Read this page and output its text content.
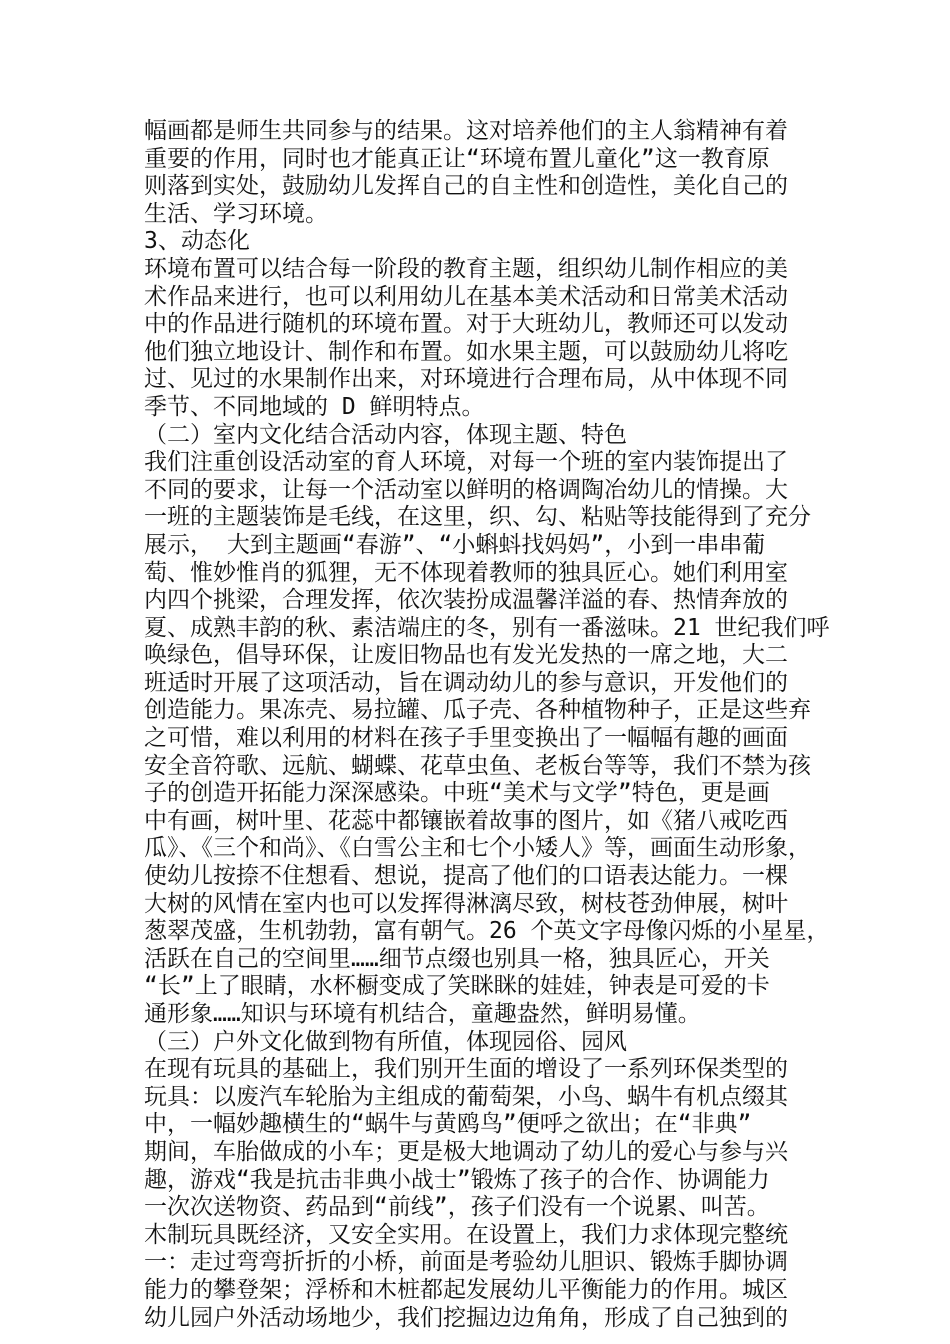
幅画都是师生共同参与的结果。这对培养他们的主人翁精神有着
重要的作用，同时也才能真正让“环境布置儿童化”这一教育原
则落到实处，鼓励幼儿发挥自己的自主性和创造性，美化自己的
生活、学习环境。
3、动态化
环境布置可以结合每一阶段的教育主题，组织幼儿制作相应的美
术作品来进行，也可以利用幼儿在基本美术活动和日常美术活动
中的作品进行随机的环境布置。对于大班幼儿，教师还可以发动
他们独立地设计、制作和布置。如水果主题，可以鼓励幼儿将吃
过、见过的水果制作出来，对环境进行合理布局，从中体现不同
季节、不同地域的 D 鲜明特点。
（二）室内文化结合活动内容，体现主题、特色
我们注重创设活动室的育人环境，对每一个班的室内装饰提出了
不同的要求，让每一个活动室以鲜明的格调陶冶幼儿的情操。大
一班的主题装饰是毛线，在这里，织、勾、粘贴等技能得到了充分
展示， 大到主题画“春游”、“小蝌蚪找妈妈”，小到一串串葡
萄、惟妙惟肖的狐狸，无不体现着教师的独具匠心。她们利用室
内四个挑梁，合理发挥，依次装扮成温馨洋溢的春、热情奔放的
夏、成熟丰韵的秋、素洁端庄的冬，别有一番滋味。21 世纪我们呼
唤绿色，倡导环保，让废旧物品也有发光发热的一席之地，大二
班适时开展了这项活动，旨在调动幼儿的参与意识，开发他们的
创造能力。果冻壳、易拉罐、瓜子壳、各种植物种子，正是这些弃
之可惜，难以利用的材料在孩子手里变换出了一幅幅有趣的画面
安全音符歌、远航、蝴蝶、花草虫鱼、老板台等等，我们不禁为孩
子的创造开拓能力深深感染。中班“美术与文学”特色，更是画
中有画，树叶里、花蕊中都镶嵌着故事的图片，如《猪八戒吃西
瓜》、《三个和尚》、《白雪公主和七个小矮人》等，画面生动形象，
使幼儿按捺不住想看、想说，提高了他们的口语表达能力。一棵
大树的风情在室内也可以发挥得淋漓尽致，树枝苍劲伸展，树叶
葱翠茂盛，生机勃勃，富有朝气。26 个英文字母像闪烁的小星星，
活跃在自己的空间里……细节点缀也别具一格，独具匠心，开关
“长”上了眼睛，水杯橱变成了笑眯眯的娃娃，钟表是可爱的卡
通形象……知识与环境有机结合，童趣盎然，鲜明易懂。
（三）户外文化做到物有所值，体现园俗、园风
在现有玩具的基础上，我们别开生面的增设了一系列环保类型的
玩具：以废汽车轮胎为主组成的葡萄架，小鸟、蜗牛有机点缀其
中，一幅妙趣横生的“蜗牛与黄鸥鸟”便呼之欲出；在“非典”
期间，车胎做成的小车；更是极大地调动了幼儿的爱心与参与兴
趣，游戏“我是抗击非典小战士”锻炼了孩子的合作、协调能力
一次次送物资、药品到“前线”，孩子们没有一个说累、叫苦。
木制玩具既经济，又安全实用。在设置上，我们力求体现完整统
一：走过弯弯折折的小桥，前面是考验幼儿胆识、锻炼手脚协调
能力的攀登架；浮桥和木桩都起发展幼儿平衡能力的作用。城区
幼儿园户外活动场地少，我们挖掘边边角角，形成了自己独到的
